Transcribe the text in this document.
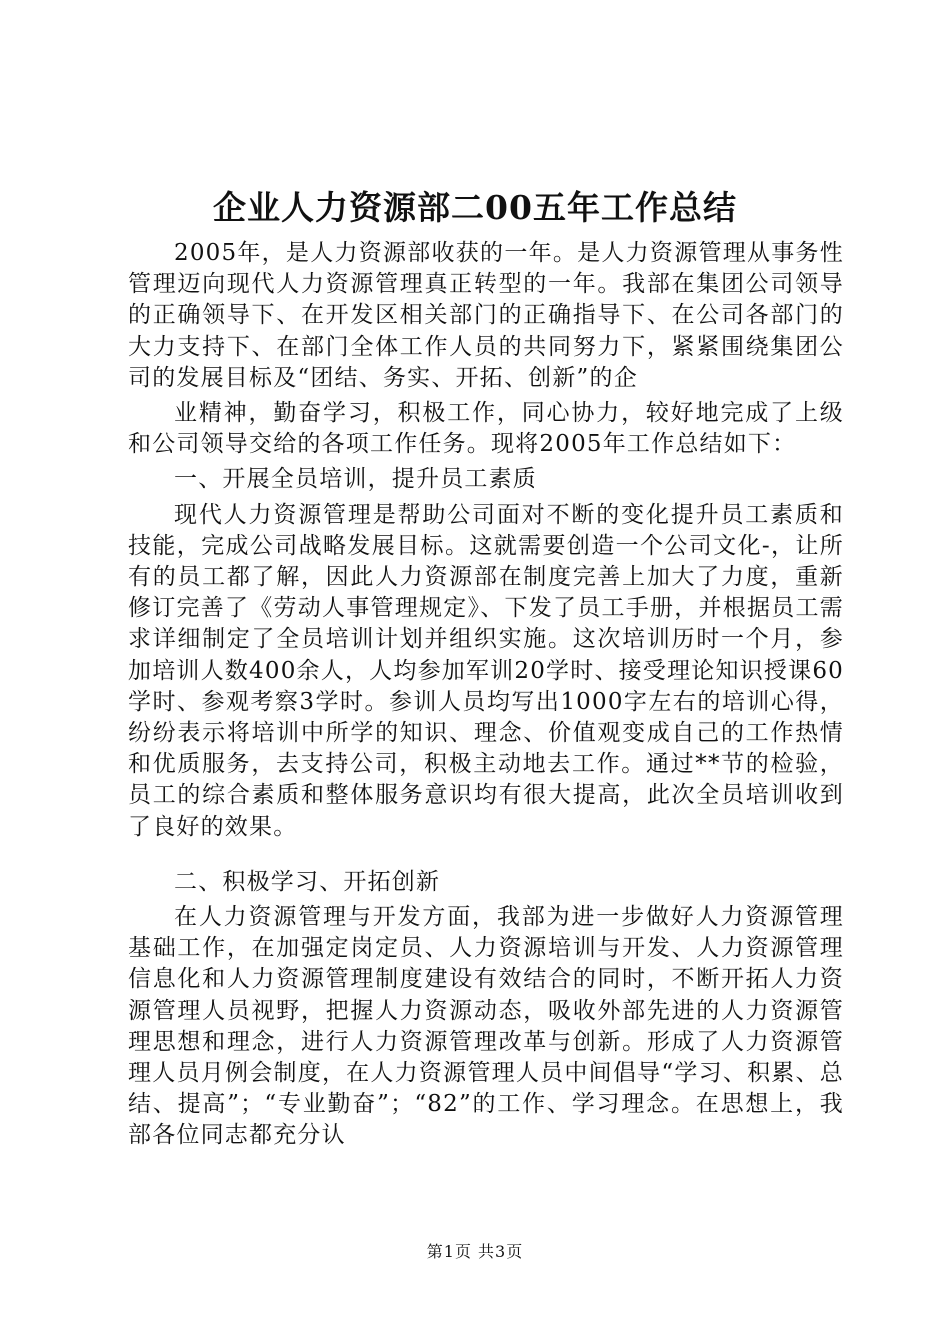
企业人力资源部二00五年工作总结

2005年，是人力资源部收获的一年。是人力资源管理从事务性管理迈向现代人力资源管理真正转型的一年。我部在集团公司领导的正确领导下、在开发区相关部门的正确指导下、在公司各部门的大力支持下、在部门全体工作人员的共同努力下，紧紧围绕集团公司的发展目标及“团结、务实、开拓、创新”的企

业精神，勤奋学习，积极工作，同心协力，较好地完成了上级和公司领导交给的各项工作任务。现将2005年工作总结如下：

一、开展全员培训，提升员工素质

现代人力资源管理是帮助公司面对不断的变化提升员工素质和技能，完成公司战略发展目标。这就需要创造一个公司文化-，让所有的员工都了解，因此人力资源部在制度完善上加大了力度，重新修订完善了《劳动人事管理规定》、下发了员工手册，并根据员工需求详细制定了全员培训计划并组织实施。这次培训历时一个月，参加培训人数400余人，人均参加军训20学时、接受理论知识授课60学时、参观考察3学时。参训人员均写出1000字左右的培训心得，纷纷表示将培训中所学的知识、理念、价值观变成自己的工作热情和优质服务，去支持公司，积极主动地去工作。通过**节的检验，员工的综合素质和整体服务意识均有很大提高，此次全员培训收到了良好的效果。

二、积极学习、开拓创新

在人力资源管理与开发方面，我部为进一步做好人力资源管理基础工作，在加强定岗定员、人力资源培训与开发、人力资源管理信息化和人力资源管理制度建设有效结合的同时，不断开拓人力资源管理人员视野，把握人力资源动态，吸收外部先进的人力资源管理思想和理念，进行人力资源管理改革与创新。形成了人力资源管理人员月例会制度，在人力资源管理人员中间倡导“学习、积累、总结、提高”；“专业勤奋”；“82”的工作、学习理念。在思想上，我部各位同志都充分认

第1页 共3页
